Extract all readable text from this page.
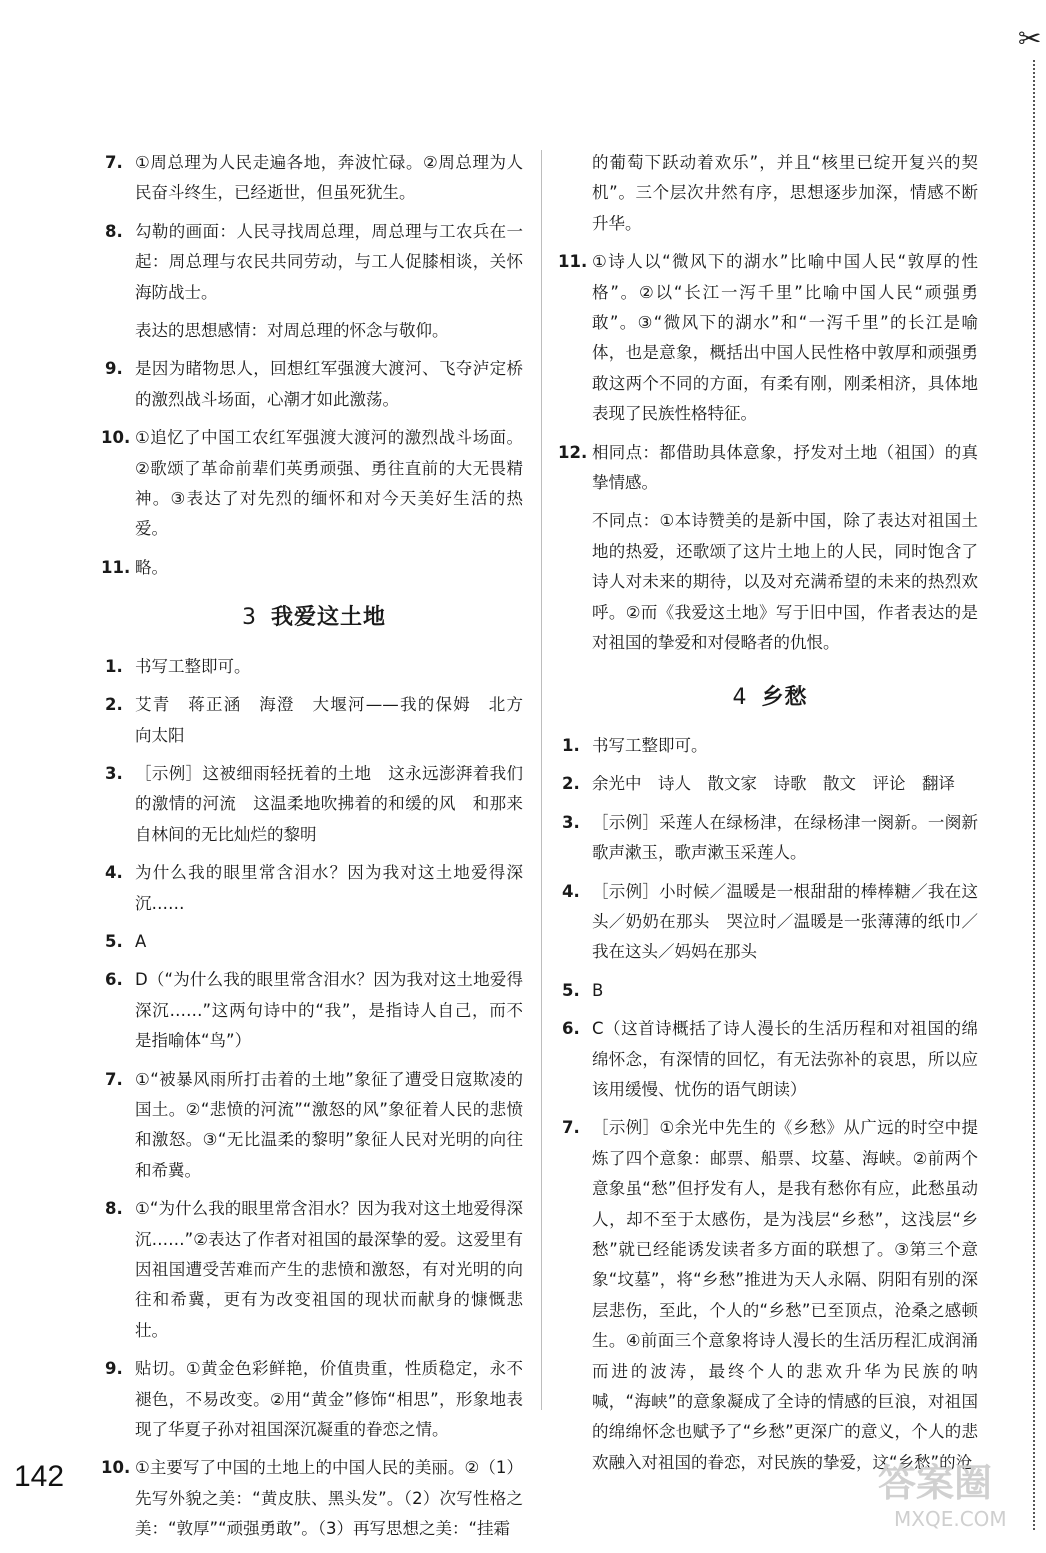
✂
7. ①周总理为人民走遍各地，奔波忙碌。②周总理为人民奋斗终生，已经逝世，但虽死犹生。
8. 勾勒的画面：人民寻找周总理，周总理与工农兵在一起：周总理与农民共同劳动，与工人促膝相谈，关怀海防战士。
表达的思想感情：对周总理的怀念与敬仰。
9. 是因为睹物思人，回想红军强渡大渡河、飞夺泸定桥的激烈战斗场面，心潮才如此激荡。
10. ①追忆了中国工农红军强渡大渡河的激烈战斗场面。②歌颂了革命前辈们英勇顽强、勇往直前的大无畏精神。③表达了对先烈的缅怀和对今天美好生活的热爱。
11. 略。
3 我爱这土地
1. 书写工整即可。
2. 艾青　蒋正涵　海澄　大堰河——我的保姆　北方　向太阳
3. ［示例］这被细雨轻抚着的土地　这永远澎湃着我们的激情的河流　这温柔地吹拂着的和缓的风　和那来自林间的无比灿烂的黎明
4. 为什么我的眼里常含泪水？因为我对这土地爱得深沉……
5. A
6. D（“为什么我的眼里常含泪水？因为我对这土地爱得深沉……”这两句诗中的“我”，是指诗人自己，而不是指喻体“鸟”）
7. ①“被暴风雨所打击着的土地”象征了遭受日寇欺凌的国土。②“悲愤的河流”“激怒的风”象征着人民的悲愤和激怒。③“无比温柔的黎明”象征人民对光明的向往和希冀。
8. ①“为什么我的眼里常含泪水？因为我对这土地爱得深沉……”②表达了作者对祖国的最深挚的爱。这爱里有因祖国遭受苦难而产生的悲愤和激怒，有对光明的向往和希冀，更有为改变祖国的现状而献身的慷慨悲壮。
9. 贴切。①黄金色彩鲜艳，价值贵重，性质稳定，永不褪色，不易改变。②用“黄金”修饰“相思”，形象地表现了华夏子孙对祖国深沉凝重的眷恋之情。
10. ①主要写了中国的土地上的中国人民的美丽。②（1）先写外貌之美：“黄皮肤、黑头发”。（2）次写性格之美：“敦厚”“顽强勇敢”。（3）再写思想之美：“挂霜
的葡萄下跃动着欢乐”，并且“核里已绽开复兴的契机”。三个层次井然有序，思想逐步加深，情感不断升华。
11. ①诗人以“微风下的湖水”比喻中国人民“敦厚的性格”。②以“长江一泻千里”比喻中国人民“顽强勇敢”。③“微风下的湖水”和“一泻千里”的长江是喻体，也是意象，概括出中国人民性格中敦厚和顽强勇敢这两个不同的方面，有柔有刚，刚柔相济，具体地表现了民族性格特征。
12. 相同点：都借助具体意象，抒发对土地（祖国）的真挚情感。
不同点：①本诗赞美的是新中国，除了表达对祖国土地的热爱，还歌颂了这片土地上的人民，同时饱含了诗人对未来的期待，以及对充满希望的未来的热烈欢呼。②而《我爱这土地》写于旧中国，作者表达的是对祖国的挚爱和对侵略者的仇恨。
4 乡愁
1. 书写工整即可。
2. 余光中　诗人　散文家　诗歌　散文　评论　翻译
3. ［示例］采莲人在绿杨津，在绿杨津一阕新。一阕新歌声漱玉，歌声漱玉采莲人。
4. ［示例］小时候／温暖是一根甜甜的棒棒糖／我在这头／奶奶在那头　哭泣时／温暖是一张薄薄的纸巾／我在这头／妈妈在那头
5. B
6. C（这首诗概括了诗人漫长的生活历程和对祖国的绵绵怀念，有深情的回忆，有无法弥补的哀思，所以应该用缓慢、忧伤的语气朗读）
7. ［示例］①余光中先生的《乡愁》从广远的时空中提炼了四个意象：邮票、船票、坟墓、海峡。②前两个意象虽“愁”但抒发有人，是我有愁你有应，此愁虽动人，却不至于太感伤，是为浅层“乡愁”，这浅层“乡愁”就已经能诱发读者多方面的联想了。③第三个意象“坟墓”，将“乡愁”推进为天人永隔、阴阳有别的深层悲伤，至此，个人的“乡愁”已至顶点，沧桑之感顿生。④前面三个意象将诗人漫长的生活历程汇成润涌而进的波涛，最终个人的悲欢升华为民族的呐喊，“海峡”的意象凝成了全诗的情感的巨浪，对祖国的绵绵怀念也赋予了“乡愁”更深广的意义，个人的悲欢融入对祖国的眷恋，对民族的挚爱，这“乡愁”的沧
142	答案圈
MXQE.COM
